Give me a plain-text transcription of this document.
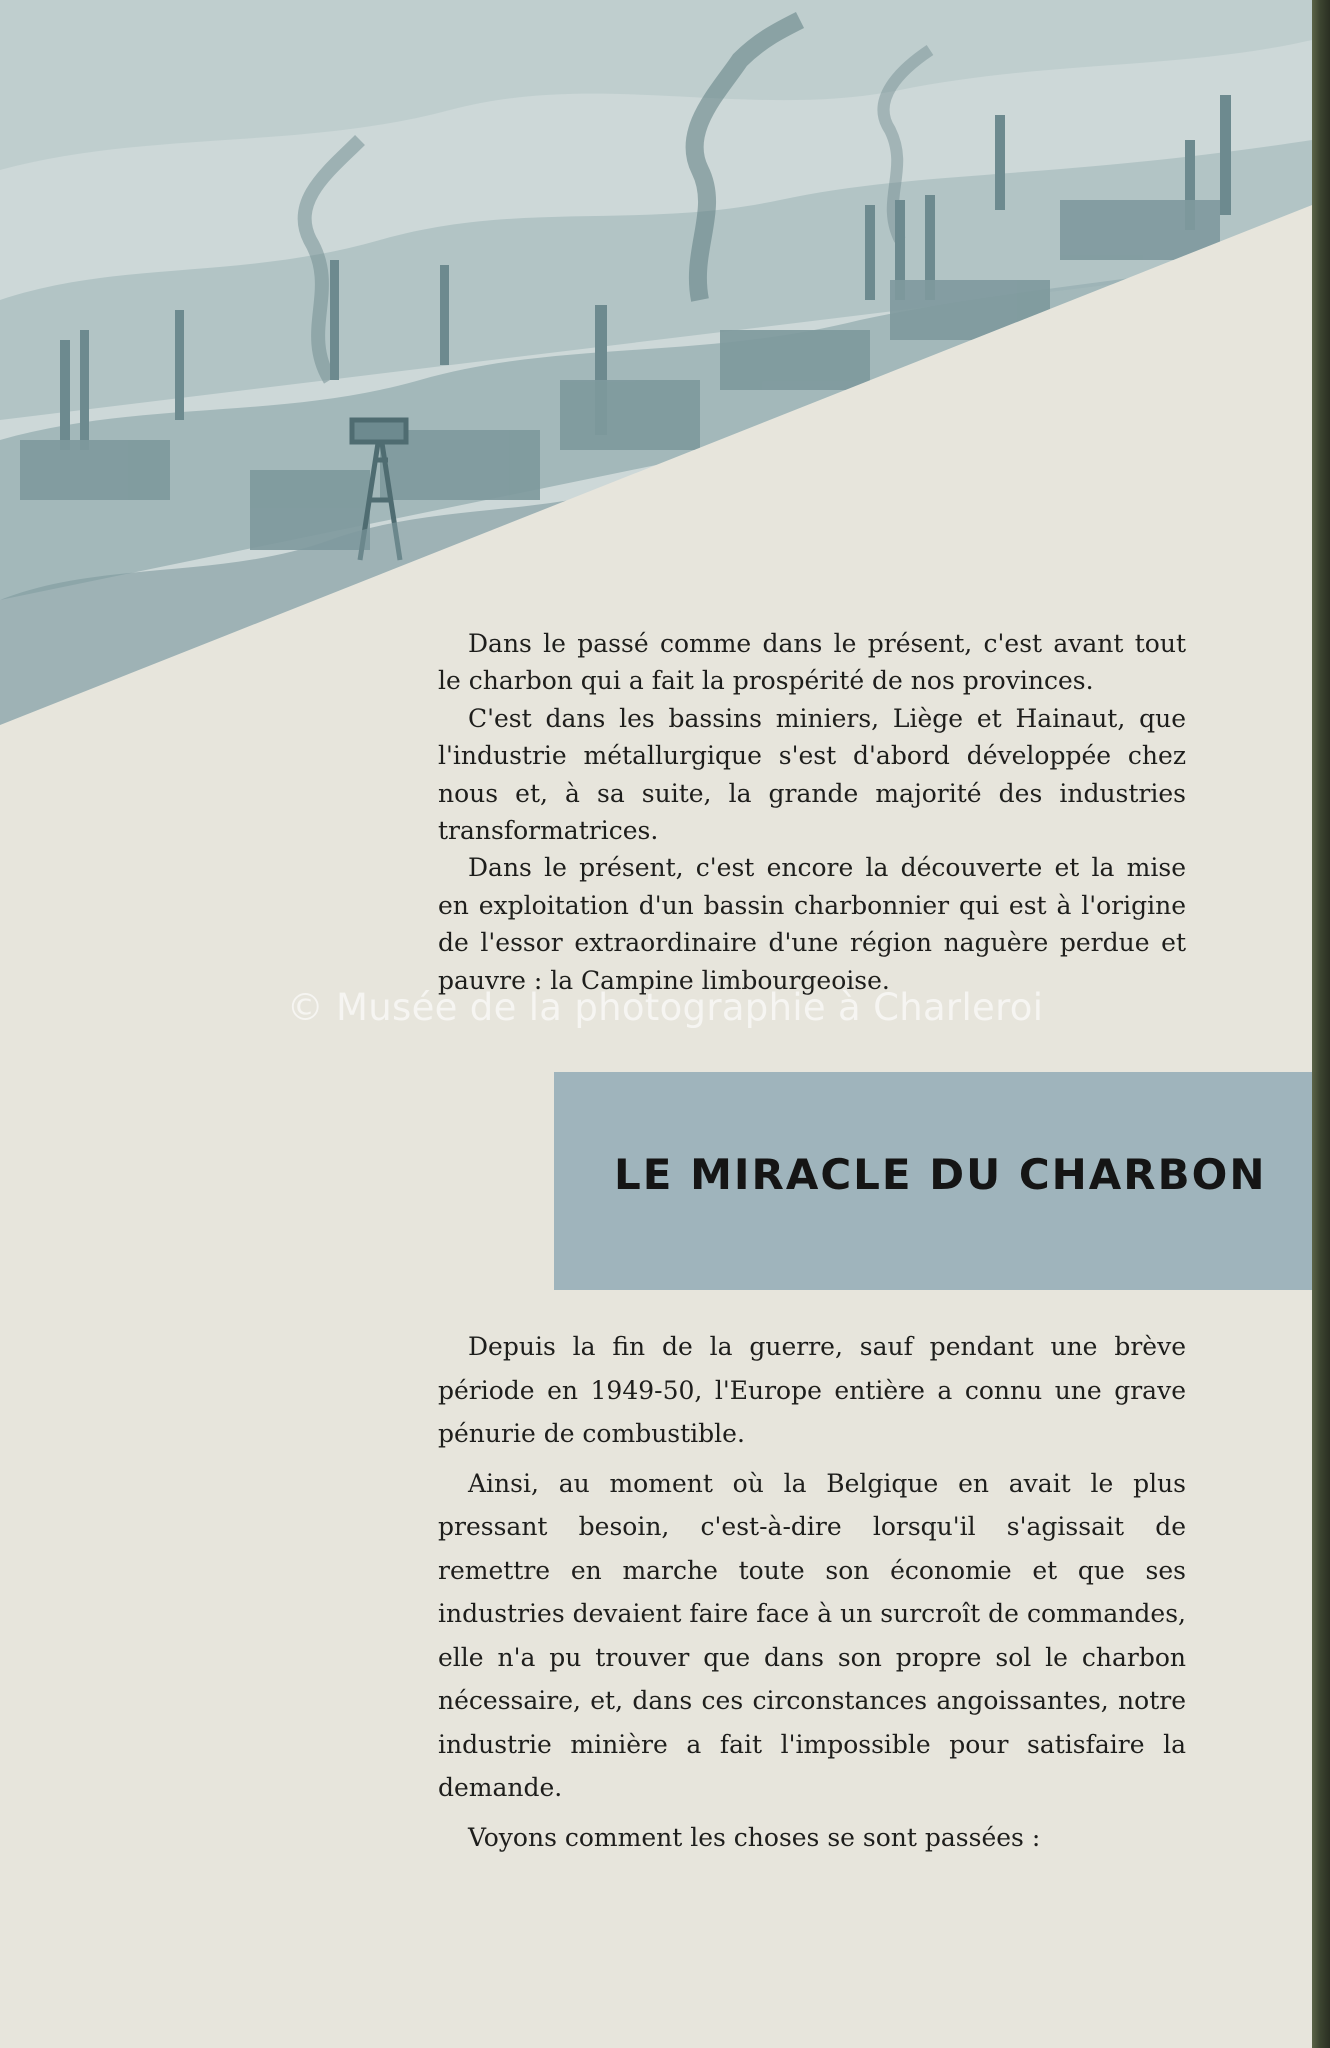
Dans le passé comme dans le présent, c'est avant tout le charbon qui a fait la prospérité de nos provinces.

C'est dans les bassins miniers, Liège et Hainaut, que l'industrie métallurgique s'est d'abord développée chez nous et, à sa suite, la grande majorité des industries transformatrices.

Dans le présent, c'est encore la découverte et la mise en exploitation d'un bassin charbonnier qui est à l'origine de l'essor extraordinaire d'une région naguère perdue et pauvre : la Campine limbourgeoise.

LE MIRACLE DU CHARBON

Depuis la fin de la guerre, sauf pendant une brève période en 1949-50, l'Europe entière a connu une grave pénurie de combustible.

Ainsi, au moment où la Belgique en avait le plus pressant besoin, c'est-à-dire lorsqu'il s'agissait de remettre en marche toute son économie et que ses industries devaient faire face à un surcroît de commandes, elle n'a pu trouver que dans son propre sol le charbon nécessaire, et, dans ces circonstances angoissantes, notre industrie minière a fait l'impossible pour satisfaire la demande.

Voyons comment les choses se sont passées :

© Musée de la photographie à Charleroi
